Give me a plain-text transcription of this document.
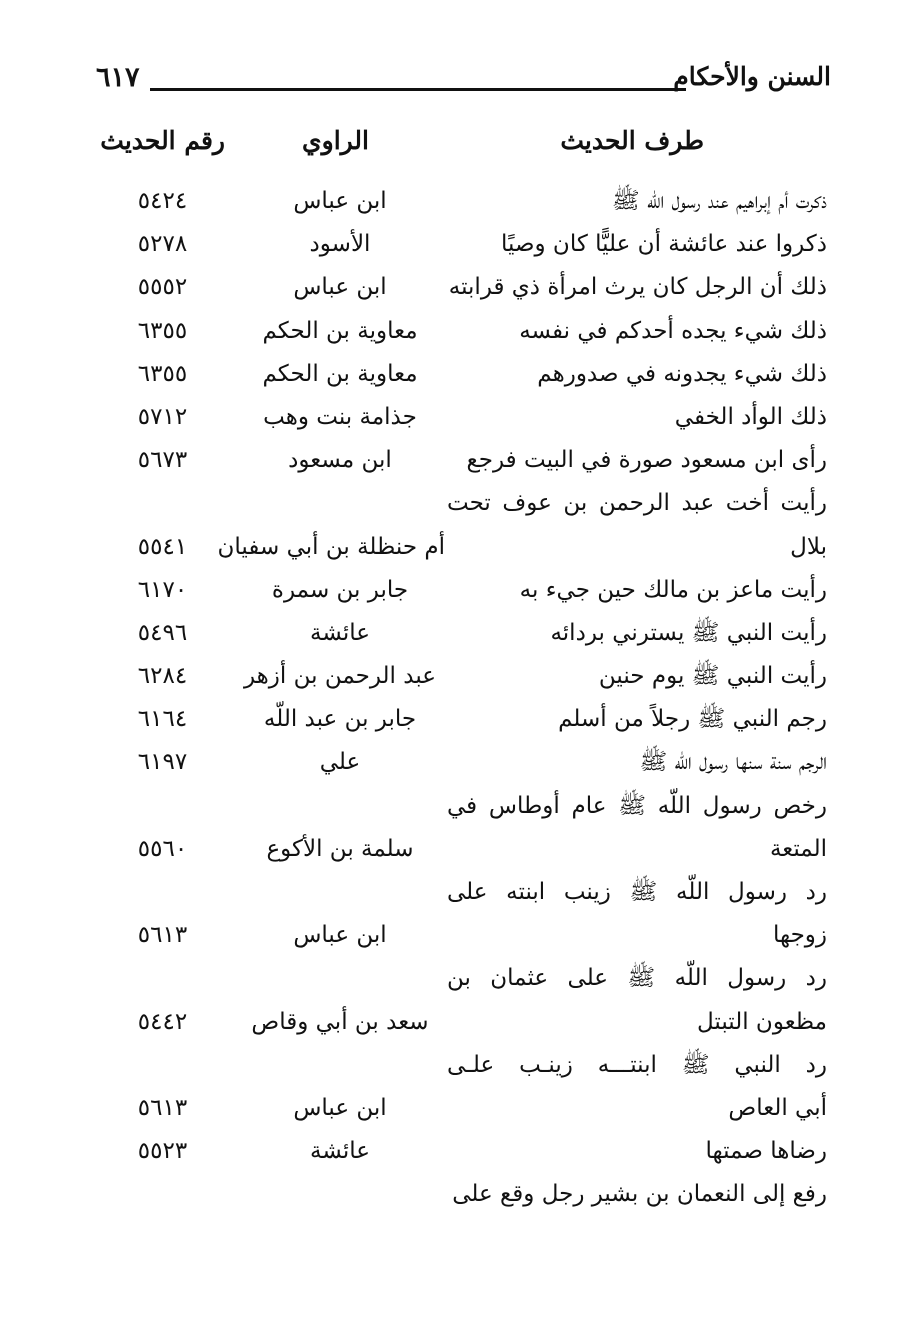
٦١٧	السنن والأحكام
طرف الحديث
الراوي
رقم الحديث
ذكرت أم إبراهيم عند رسول اللّه ﷺ
ابن عباس
٥٤٢٤
ذكروا عند عائشة أن عليًّا كان وصيًا
الأسود
٥٢٧٨
ذلك أن الرجل كان يرث امرأة ذي قرابته
ابن عباس
٥٥٥٢
ذلك شيء يجده أحدكم في نفسه
معاوية بن الحكم
٦٣٥٥
ذلك شيء يجدونه في صدورهم
معاوية بن الحكم
٦٣٥٥
ذلك الوأد الخفي
جذامة بنت وهب
٥٧١٢
رأى ابن مسعود صورة في البيت فرجع
ابن مسعود
٥٦٧٣
رأيت أخت عبد الرحمن بن عوف تحت
بلال
أم حنظلة بن أبي سفيان
٥٥٤١
رأيت ماعز بن مالك حين جيء به
جابر بن سمرة
٦١٧٠
رأيت النبي ﷺ يسترني بردائه
عائشة
٥٤٩٦
رأيت النبي ﷺ يوم حنين
عبد الرحمن بن أزهر
٦٢٨٤
رجم النبي ﷺ رجلاً من أسلم
جابر بن عبد اللّه
٦١٦٤
الرجم سنة سنها رسول اللّه ﷺ
علي
٦١٩٧
رخص رسول اللّه ﷺ عام أوطاس في
المتعة
سلمة بن الأكوع
٥٥٦٠
رد رسول اللّه ﷺ زينب ابنته على
زوجها
ابن عباس
٥٦١٣
رد رسول اللّه ﷺ على عثمان بن
مظعون التبتل
سعد بن أبي وقاص
٥٤٤٢
رد النبي ﷺ ابنتـــه زينـب علـى
أبي العاص
ابن عباس
٥٦١٣
رضاها صمتها
عائشة
٥٥٢٣
رفع إلى النعمان بن بشير رجل وقع على
